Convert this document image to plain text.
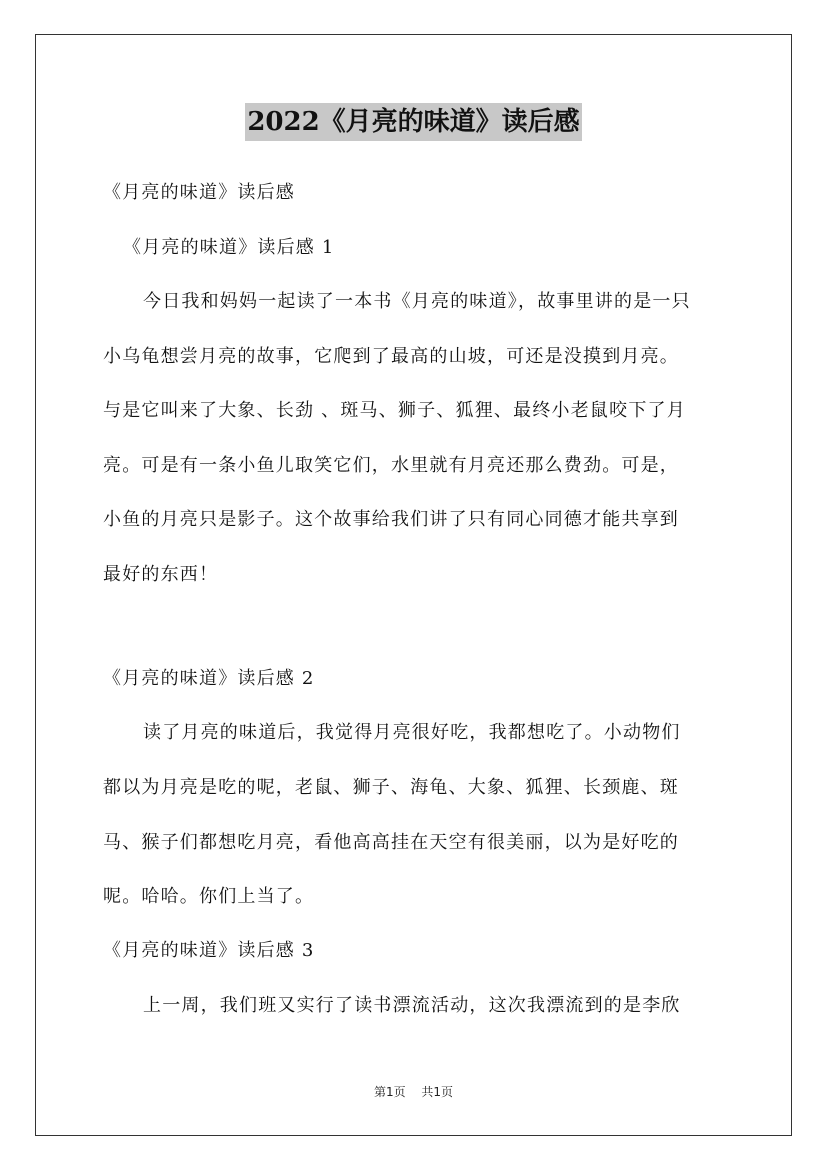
2022《月亮的味道》读后感
《月亮的味道》读后感
《月亮的味道》读后感 1
今日我和妈妈一起读了一本书《月亮的味道》，故事里讲的是一只
小乌龟想尝月亮的故事，它爬到了最高的山坡，可还是没摸到月亮。
与是它叫来了大象、长劲 、斑马、狮子、狐狸、最终小老鼠咬下了月
亮。可是有一条小鱼儿取笑它们，水里就有月亮还那么费劲。可是，
小鱼的月亮只是影子。这个故事给我们讲了只有同心同德才能共享到
最好的东西！
《月亮的味道》读后感 2
读了月亮的味道后，我觉得月亮很好吃，我都想吃了。小动物们
都以为月亮是吃的呢，老鼠、狮子、海龟、大象、狐狸、长颈鹿、斑
马、猴子们都想吃月亮，看他高高挂在天空有很美丽，以为是好吃的
呢。哈哈。你们上当了。
《月亮的味道》读后感 3
上一周，我们班又实行了读书漂流活动，这次我漂流到的是李欣
第1页 共1页
